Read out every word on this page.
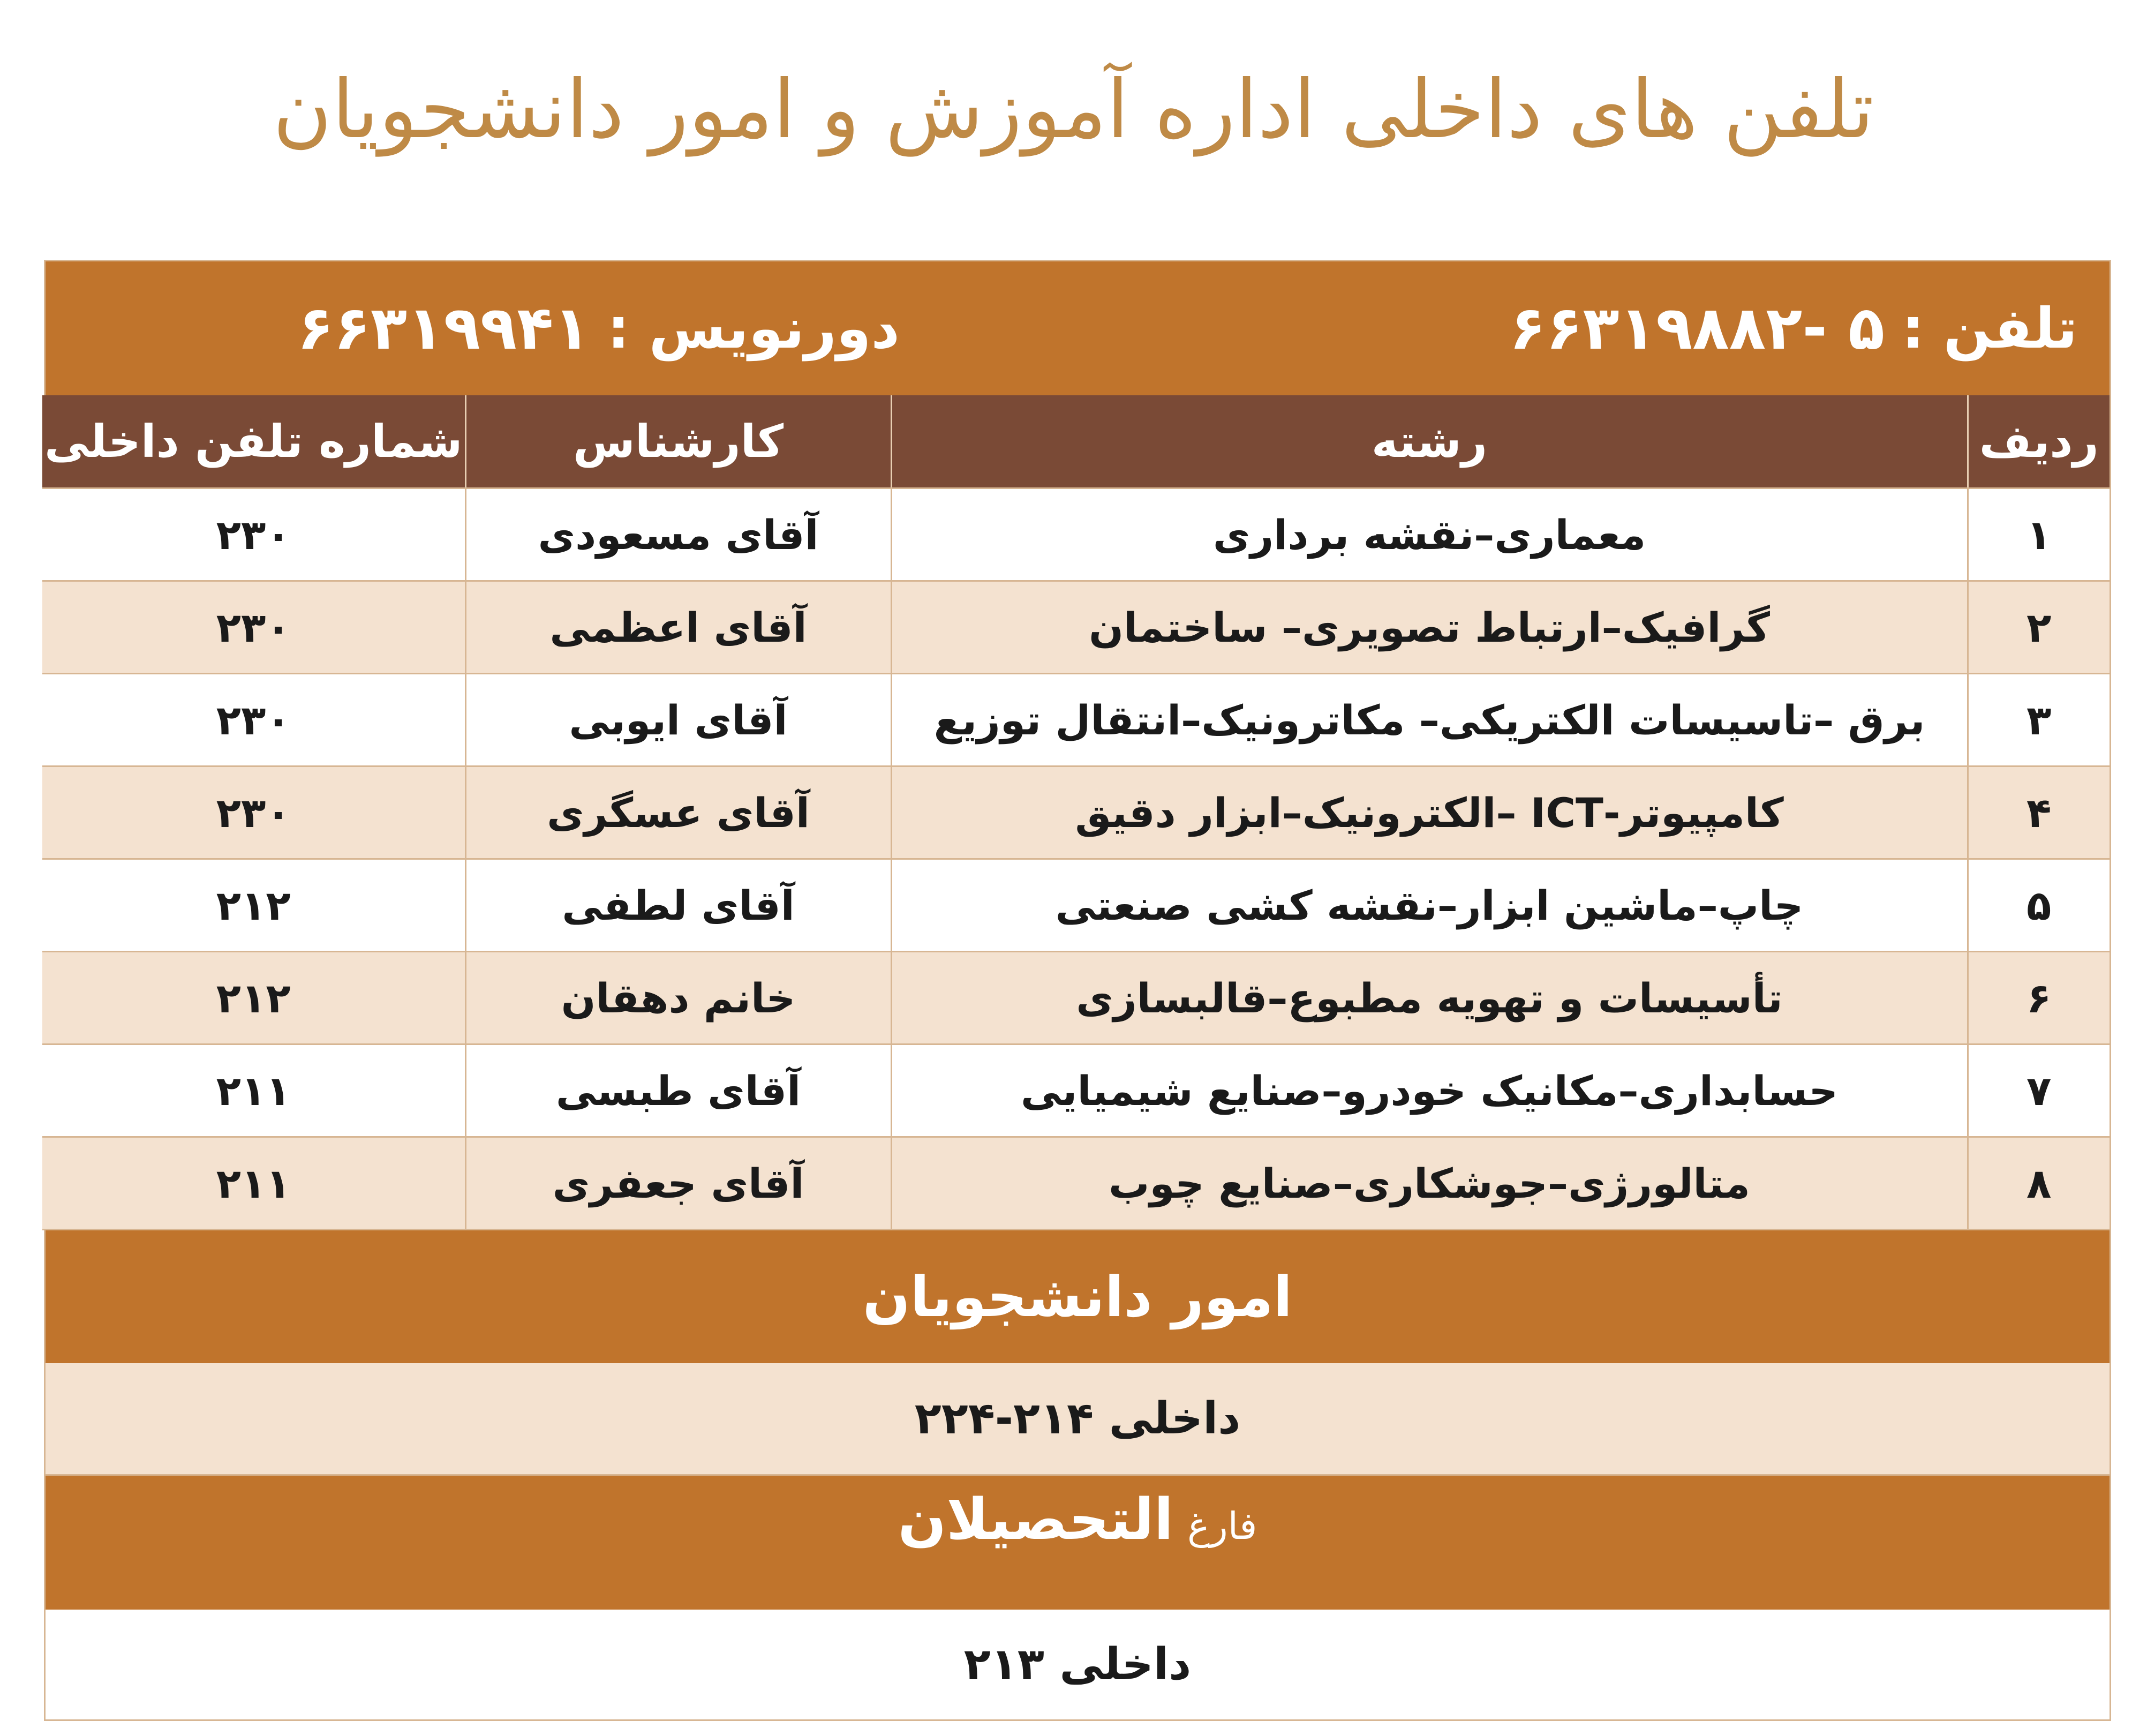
تلفن های داخلی اداره آموزش و امور دانشجویان
تلفن :
۶۶۳۱۹۸۸۲- ۵
دورنویس :
۶۶۳۱۹۹۴۱
ردیف	رشته	کارشناس	شماره تلفن داخلی
۱	معماری–نقشه برداری	آقای مسعودی	۲۳۰
۲	گرافیک–ارتباط تصویری– ساختمان	آقای اعظمی	۲۳۰
۳	برق –تاسیسات الکتریکی– مکاترونیک–انتقال توزیع	آقای ایوبی	۲۳۰
۴	کامپیوتر-ICT –الکترونیک–ابزار دقیق	آقای عسگری	۲۳۰
۵	چاپ–ماشین ابزار–نقشه کشی صنعتی	آقای لطفی	۲۱۲
۶	تأسیسات و تهویه مطبوع–قالبسازی	خانم دهقان	۲۱۲
۷	حسابداری–مکانیک خودرو–صنایع شیمیایی	آقای طبسی	۲۱۱
۸	متالورژی–جوشکاری–صنایع چوب	آقای جعفری	۲۱۱
امور دانشجویان
داخلی ۲۱۴-۲۲۴
فارغ
التحصیلان
داخلی ۲۱۳
